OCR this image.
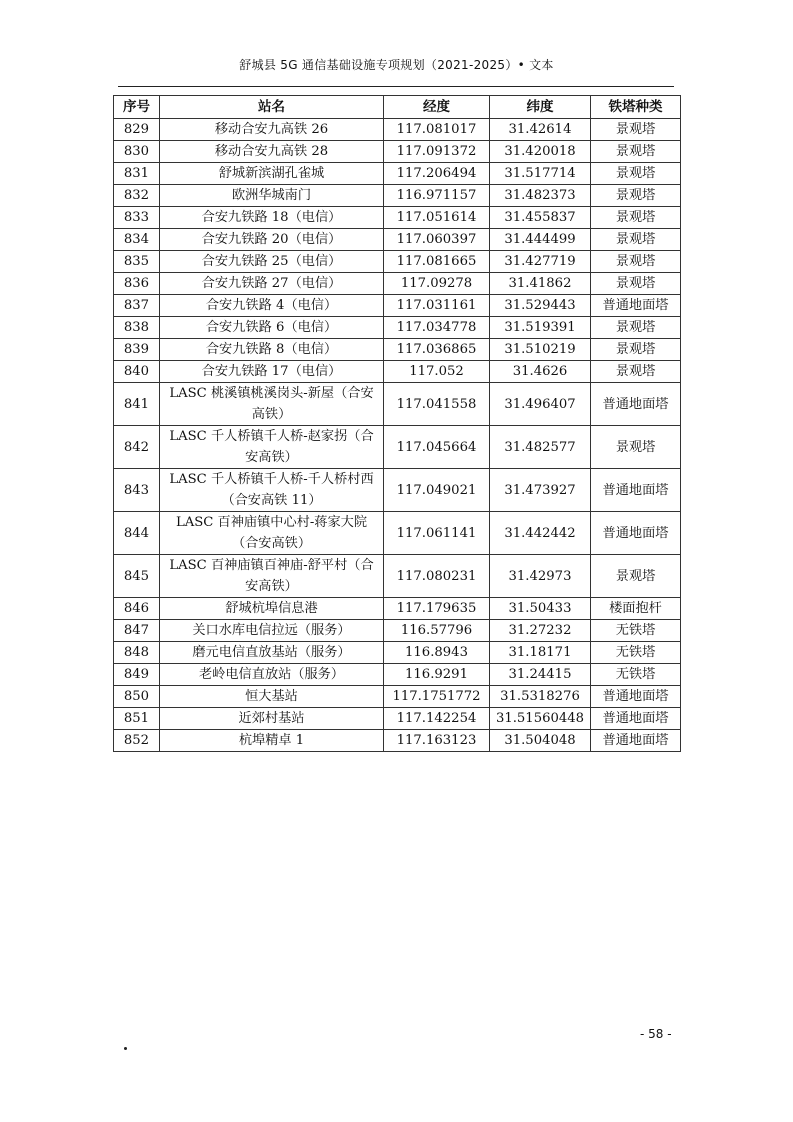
舒城县 5G 通信基础设施专项规划（2021-2025）• 文本
序号	站名	经度	纬度	铁塔种类
829	移动合安九高铁 26	117.081017	31.42614	景观塔
830	移动合安九高铁 28	117.091372	31.420018	景观塔
831	舒城新滨湖孔雀城	117.206494	31.517714	景观塔
832	欧洲华城南门	116.971157	31.482373	景观塔
833	合安九铁路 18（电信）	117.051614	31.455837	景观塔
834	合安九铁路 20（电信）	117.060397	31.444499	景观塔
835	合安九铁路 25（电信）	117.081665	31.427719	景观塔
836	合安九铁路 27（电信）	117.09278	31.41862	景观塔
837	合安九铁路 4（电信）	117.031161	31.529443	普通地面塔
838	合安九铁路 6（电信）	117.034778	31.519391	景观塔
839	合安九铁路 8（电信）	117.036865	31.510219	景观塔
840	合安九铁路 17（电信）	117.052	31.4626	景观塔
841	LASC 桃溪镇桃溪岗头-新屋（合安高铁）	117.041558	31.496407	普通地面塔
842	LASC 千人桥镇千人桥-赵家拐（合安高铁）	117.045664	31.482577	景观塔
843	LASC 千人桥镇千人桥-千人桥村西（合安高铁 11）	117.049021	31.473927	普通地面塔
844	LASC 百神庙镇中心村-蒋家大院（合安高铁）	117.061141	31.442442	普通地面塔
845	LASC 百神庙镇百神庙-舒平村（合安高铁）	117.080231	31.42973	景观塔
846	舒城杭埠信息港	117.179635	31.50433	楼面抱杆
847	关口水库电信拉远（服务）	116.57796	31.27232	无铁塔
848	磨元电信直放基站（服务）	116.8943	31.18171	无铁塔
849	老岭电信直放站（服务）	116.9291	31.24415	无铁塔
850	恒大基站	117.1751772	31.5318276	普通地面塔
851	近郊村基站	117.142254	31.51560448	普通地面塔
852	杭埠精卓 1	117.163123	31.504048	普通地面塔
- 58 -
